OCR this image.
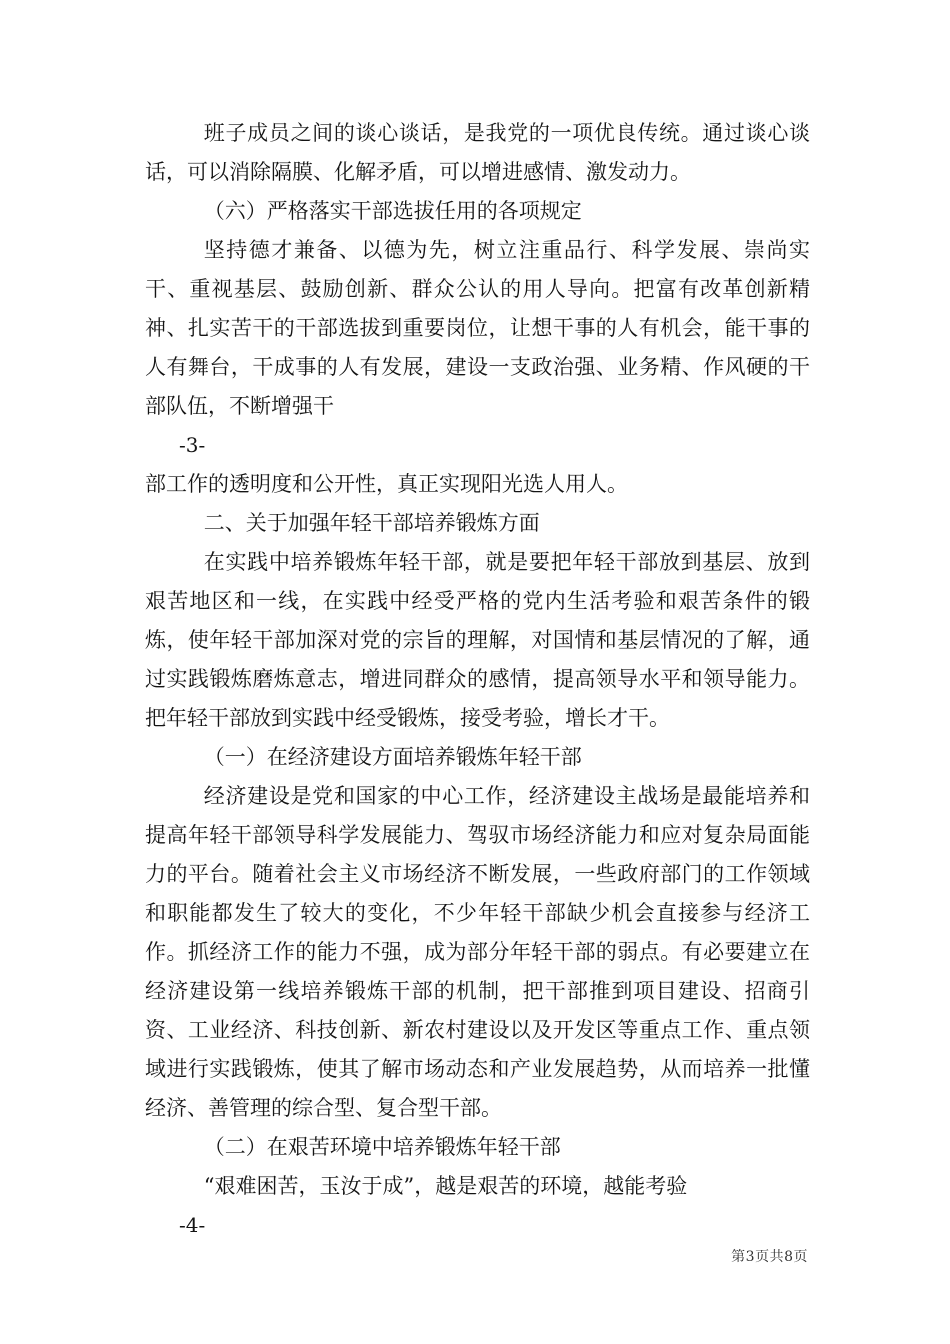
班子成员之间的谈心谈话，是我党的一项优良传统。通过谈心谈话，可以消除隔膜、化解矛盾，可以增进感情、激发动力。

（六）严格落实干部选拔任用的各项规定

坚持德才兼备、以德为先，树立注重品行、科学发展、崇尚实干、重视基层、鼓励创新、群众公认的用人导向。把富有改革创新精神、扎实苦干的干部选拔到重要岗位，让想干事的人有机会，能干事的人有舞台，干成事的人有发展，建设一支政治强、业务精、作风硬的干部队伍，不断增强干

-3-

部工作的透明度和公开性，真正实现阳光选人用人。

二、关于加强年轻干部培养锻炼方面

在实践中培养锻炼年轻干部，就是要把年轻干部放到基层、放到艰苦地区和一线，在实践中经受严格的党内生活考验和艰苦条件的锻炼，使年轻干部加深对党的宗旨的理解，对国情和基层情况的了解，通过实践锻炼磨炼意志，增进同群众的感情，提高领导水平和领导能力。把年轻干部放到实践中经受锻炼，接受考验，增长才干。

（一）在经济建设方面培养锻炼年轻干部

经济建设是党和国家的中心工作，经济建设主战场是最能培养和提高年轻干部领导科学发展能力、驾驭市场经济能力和应对复杂局面能力的平台。随着社会主义市场经济不断发展，一些政府部门的工作领域和职能都发生了较大的变化，不少年轻干部缺少机会直接参与经济工作。抓经济工作的能力不强，成为部分年轻干部的弱点。有必要建立在经济建设第一线培养锻炼干部的机制，把干部推到项目建设、招商引资、工业经济、科技创新、新农村建设以及开发区等重点工作、重点领域进行实践锻炼，使其了解市场动态和产业发展趋势，从而培养一批懂经济、善管理的综合型、复合型干部。

（二）在艰苦环境中培养锻炼年轻干部

“艰难困苦，玉汝于成”，越是艰苦的环境，越能考验

-4-

第3页共8页
